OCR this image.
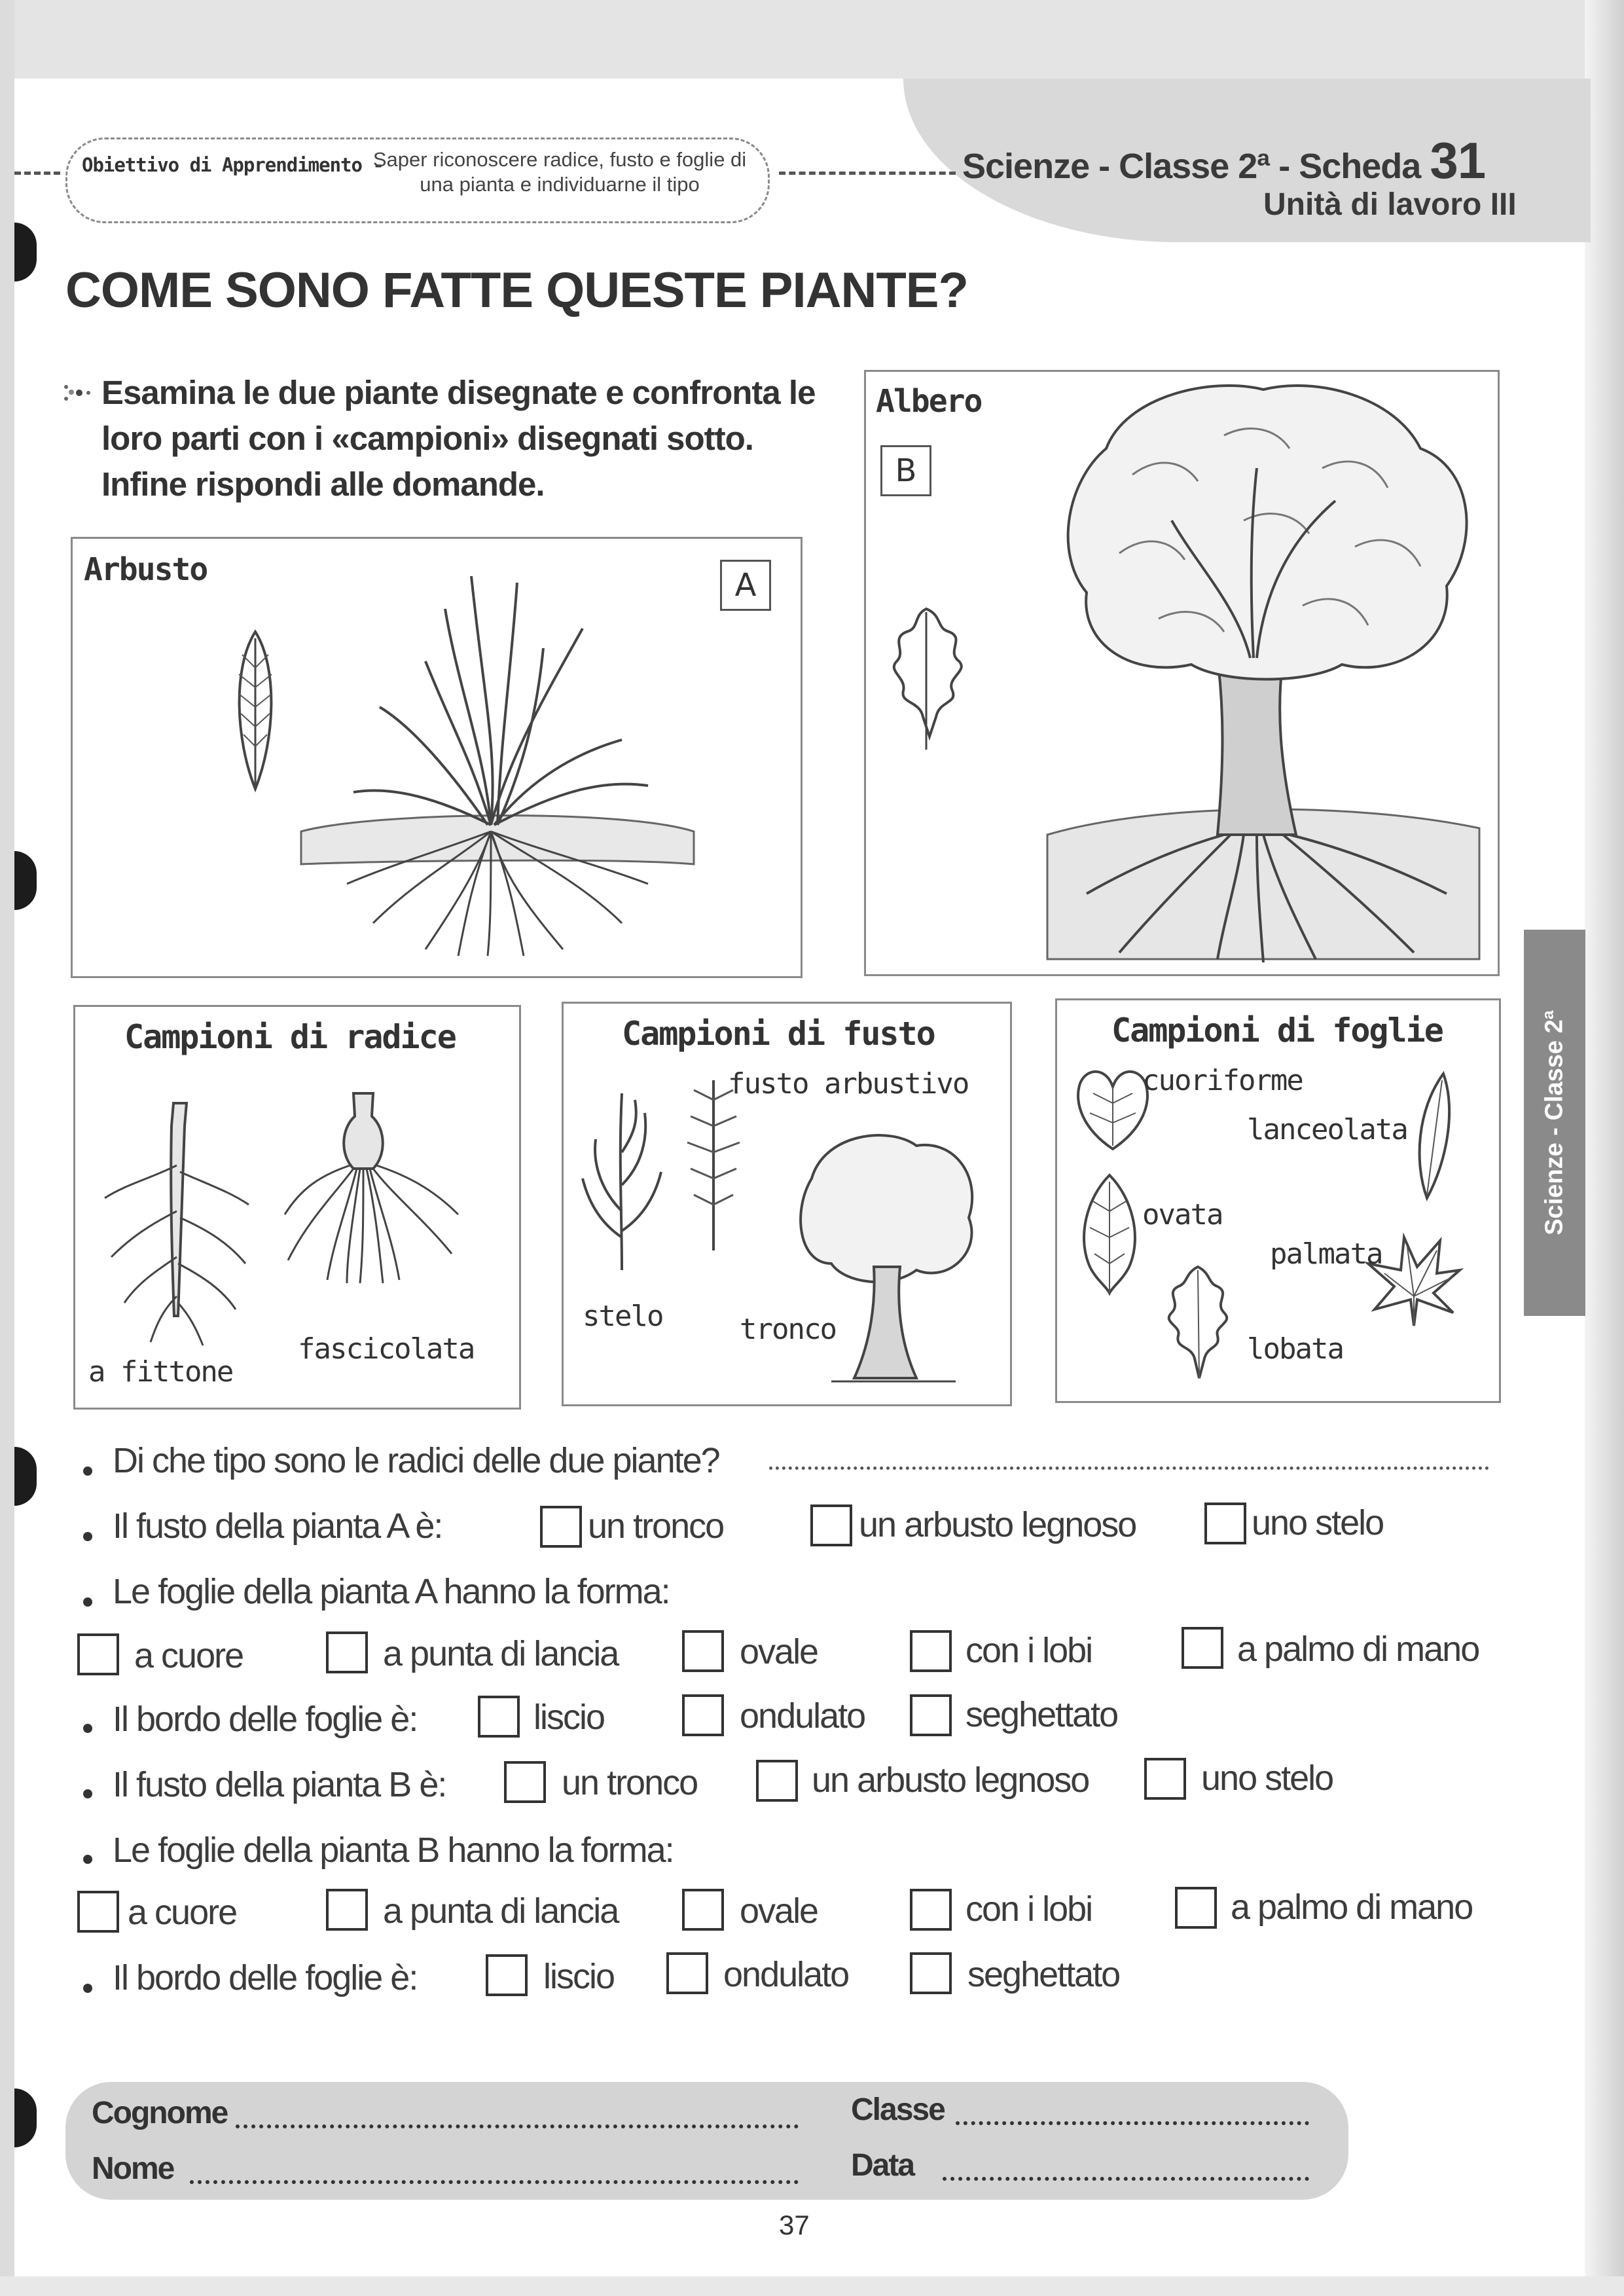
Obiettivo di Apprendimento -
Saper riconoscere radice, fusto e foglie di una pianta e individuarne il tipo	Scienze - Classe 2ª - Scheda 31
Unità di lavoro III
COME SONO FATTE QUESTE PIANTE?
Esamina le due piante disegnate e confronta le loro parti con i «campioni» disegnati sotto. Infine rispondi alle domande.
Arbusto	A
Albero
B
Campioni di radice
a fittone
fascicolata
Campioni di fusto
fusto arbustivo
stelo	tronco
Campioni di foglie
cuoriforme
lanceolata
ovata
palmata
lobata
Scienze - Classe 2ª
Di che tipo sono le radici delle due piante?
Il fusto della pianta A è:	un tronco	un arbusto legnoso	uno stelo
Le foglie della pianta A hanno la forma:
a cuore	a punta di lancia	ovale	con i lobi	a palmo di mano
Il bordo delle foglie è:	liscio	ondulato	seghettato
Il fusto della pianta B è:	un tronco	un arbusto legnoso	uno stelo
Le foglie della pianta B hanno la forma:
a cuore	a punta di lancia	ovale	con i lobi	a palmo di mano
Il bordo delle foglie è:	liscio	ondulato	seghettato
Cognome	Classe
Nome	Data
37
